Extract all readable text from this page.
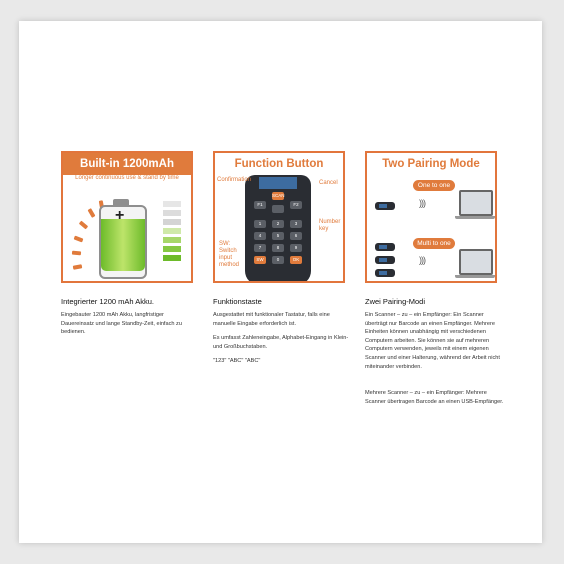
Built-in 1200mAh Battery
Longer continuous use & stand by time
+
Function Button
SCAN
F1	F2
1	2	3
4	5	6
7	8	9
SW	0	OK
Confirmation	Cancel
Number key
SW: Switch input method
Two Pairing Mode
One to one
)))
Multi to one
)))
Integrierter 1200 mAh Akku.
Eingebauter 1200 mAh Akku, langfristiger Dauereinsatz und lange Standby-Zeit, einfach zu bedienen.
Funktionstaste
Ausgestattet mit funktionaler Tastatur, falls eine manuelle Eingabe erforderlich ist.
Es umfasst Zahleneingabe, Alphabet-Eingang in Klein- und Großbuchstaben.
"123" "ABC" "ABC"
Zwei Pairing-Modi
Ein Scanner – zu – ein Empfänger: Ein Scanner überträgt nur Barcode an einen Empfänger. Mehrere Einheiten können unabhängig mit verschiedenen Computern arbeiten. Sie können sie auf mehreren Computern verwenden, jeweils mit einem eigenen Scanner und einer Halterung, während der Arbeit nicht miteinander verbinden.
Mehrere Scanner – zu – ein Empfänger: Mehrere Scanner übertragen Barcode an einen USB-Empfänger.
